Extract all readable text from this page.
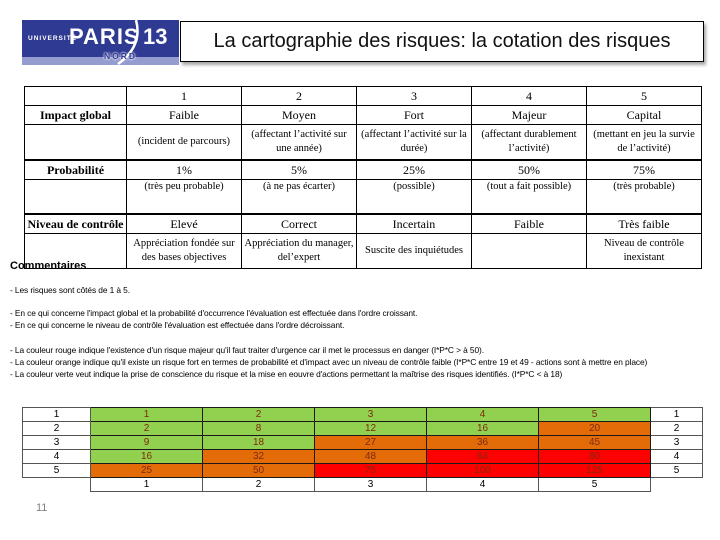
UNIVERSITÉ
PARIS 13
NORD
La cartographie des risques: la cotation des risques
	1	2	3	4	5
Impact global	Faible	Moyen	Fort	Majeur	Capital
	(incident de parcours)	(affectant l’activité sur une année)	(affectant l’activité sur la durée)	(affectant durablement l’activité)	(mettant en jeu la survie de l’activité)
Probabilité	1%	5%	25%	50%	75%
	(très peu probable)	(à ne pas écarter)	(possible)	(tout a fait possible)	(très probable)
Niveau de contrôle	Elevé	Correct	Incertain	Faible	Très faible
	Appréciation fondée sur des bases objectives	Appréciation du manager, del’expert	Suscite des inquiétudes		Niveau de contrôle inexistant
Commentaires
- Les risques sont côtés de 1 à 5.
- En ce qui concerne l'impact global et la probabilité d'occurrence l'évaluation est effectuée dans l'ordre croissant.
- En ce qui concerne le niveau de contrôle l'évaluation est effectuée dans l'ordre décroissant.
- La couleur rouge indique l'existence d'un risque majeur qu'il faut traiter d'urgence car il met le processus en danger (I*P*C > à 50).
- La couleur orange indique qu'il existe un risque fort en termes de probabilité et d'impact avec un niveau de contrôle faible (I*P*C entre 19 et 49 - actions sont à mettre en place)
- La couleur verte veut indique la prise de conscience du risque et la mise en eouvre d'actions permettant la maîtrise des risques identifiés. (I*P*C < à 18)
1	1	2	3	4	5	1
2	2	8	12	16	20	2
3	9	18	27	36	45	3
4	16	32	48	64	80	4
5	25	50	75	100	125	5
	1	2	3	4	5	
11
